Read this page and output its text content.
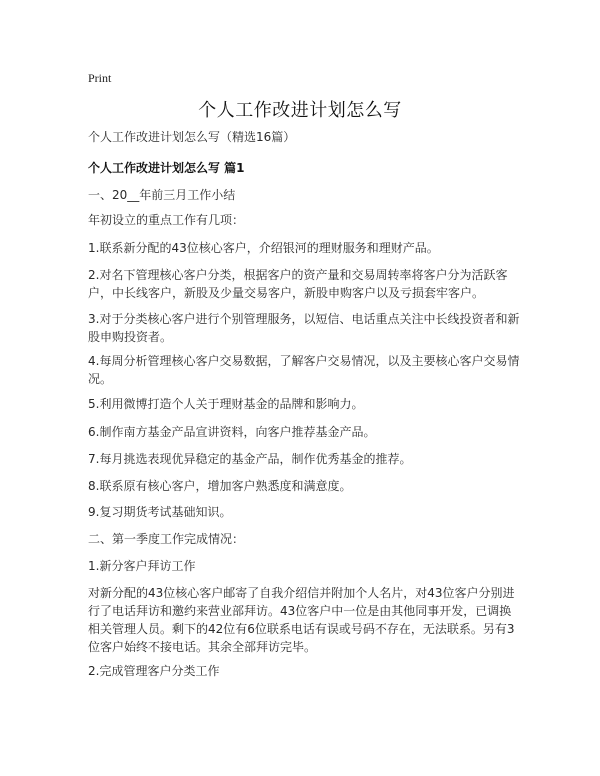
Print
个人工作改进计划怎么写

个人工作改进计划怎么写（精选16篇）

个人工作改进计划怎么写 篇1

一、20__年前三月工作小结

年初设立的重点工作有几项：

1.联系新分配的43位核心客户，介绍银河的理财服务和理财产品。

2.对名下管理核心客户分类，根据客户的资产量和交易周转率将客户分为活跃客户，中长线客户，新股及少量交易客户，新股申购客户以及亏损套牢客户。

3.对于分类核心客户进行个别管理服务，以短信、电话重点关注中长线投资者和新股申购投资者。

4.每周分析管理核心客户交易数据，了解客户交易情况，以及主要核心客户交易情况。

5.利用微博打造个人关于理财基金的品牌和影响力。

6.制作南方基金产品宣讲资料，向客户推荐基金产品。

7.每月挑选表现优异稳定的基金产品，制作优秀基金的推荐。

8.联系原有核心客户，增加客户熟悉度和满意度。

9.复习期货考试基础知识。

二、第一季度工作完成情况：

1.新分客户拜访工作

对新分配的43位核心客户邮寄了自我介绍信并附加个人名片，对43位客户分别进行了电话拜访和邀约来营业部拜访。43位客户中一位是由其他同事开发，已调换相关管理人员。剩下的42位有6位联系电话有误或号码不存在，无法联系。另有3位客户始终不接电话。其余全部拜访完毕。

2.完成管理客户分类工作
